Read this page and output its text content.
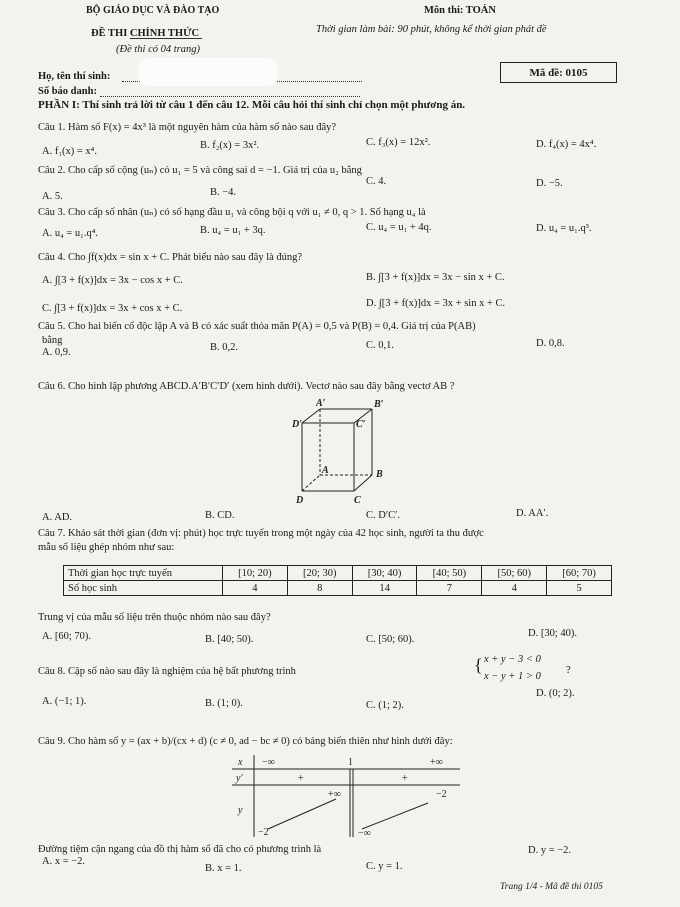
BỘ GIÁO DỤC VÀ ĐÀO TẠO
ĐỀ THI CHÍNH THỨC
(Đề thi có 04 trang)
Môn thi: TOÁN
Thời gian làm bài: 90 phút, không kể thời gian phát đề
Họ, tên thí sinh:
Số báo danh:
Mã đề: 0105
PHẦN I: Thí sinh trả lời từ câu 1 đến câu 12. Mỗi câu hỏi thí sinh chỉ chọn một phương án.
Câu 1. Hàm số F(x) = 4x³ là một nguyên hàm của hàm số nào sau đây?
A. f₁(x) = x⁴.
B. f₂(x) = 3x².	C. f₃(x) = 12x².	D. f₄(x) = 4x⁴.
Câu 2. Cho cấp số cộng (uₙ) có u₁ = 5 và công sai d = −1. Giá trị của u₂ bằng
A. 5.	B. −4.
C. 4.	D. −5.
Câu 3. Cho cấp số nhân (uₙ) có số hạng đầu u₁ và công bội q với u₁ ≠ 0, q > 1. Số hạng u₄ là
A. u₄ = u₁.q⁴.	B. u₄ = u₁ + 3q.	C. u₄ = u₁ + 4q.	D. u₄ = u₁.q³.
Câu 4. Cho ∫f(x)dx = sin x + C. Phát biểu nào sau đây là đúng?
A. ∫[3 + f(x)]dx = 3x − cos x + C.	B. ∫[3 + f(x)]dx = 3x − sin x + C.
C. ∫[3 + f(x)]dx = 3x + cos x + C.	D. ∫[3 + f(x)]dx = 3x + sin x + C.
Câu 5. Cho hai biến cố độc lập A và B có xác suất thỏa mãn P(A) = 0,5 và P(B) = 0,4. Giá trị của P(AB)
bằng
A. 0,9.	B. 0,2.	C. 0,1.	D. 0,8.
Câu 6. Cho hình lập phương ABCD.A′B′C′D′ (xem hình dưới). Vectơ nào sau đây bằng vectơ AB ?
A′	B′
D′	C′
A	B
D	C
A. AD.	B. CD.	C. D′C′.	D. AA′.
Câu 7. Khảo sát thời gian (đơn vị: phút) học trực tuyến trong một ngày của 42 học sinh, người ta thu được
mẫu số liệu ghép nhóm như sau:
Thời gian học trực tuyến	[10; 20)	[20; 30)	[30; 40)	[40; 50)	[50; 60)	[60; 70)
Số học sinh	4	8	14	7	4	5
Trung vị của mẫu số liệu trên thuộc nhóm nào sau đây?
A. [60; 70).	B. [40; 50).	C. [50; 60).
D. [30; 40).
Câu 8. Cặp số nào sau đây là nghiệm của hệ bất phương trình	{ x + y − 3 < 0
x − y + 1 > 0
?
A. (−1; 1).	B. (1; 0).	C. (1; 2).
D. (0; 2).
Câu 9. Cho hàm số y = (ax + b)/(cx + d) (c ≠ 0, ad − bc ≠ 0) có bảng biến thiên như hình dưới đây:
x −∞	1	+∞
y′	+	+
y
+∞	−2
−2	−∞
Đường tiệm cận ngang của đồ thị hàm số đã cho có phương trình là
A. x = −2.
B. x = 1.	C. y = 1.
D. y = −2.
Trang 1/4 - Mã đề thi 0105
